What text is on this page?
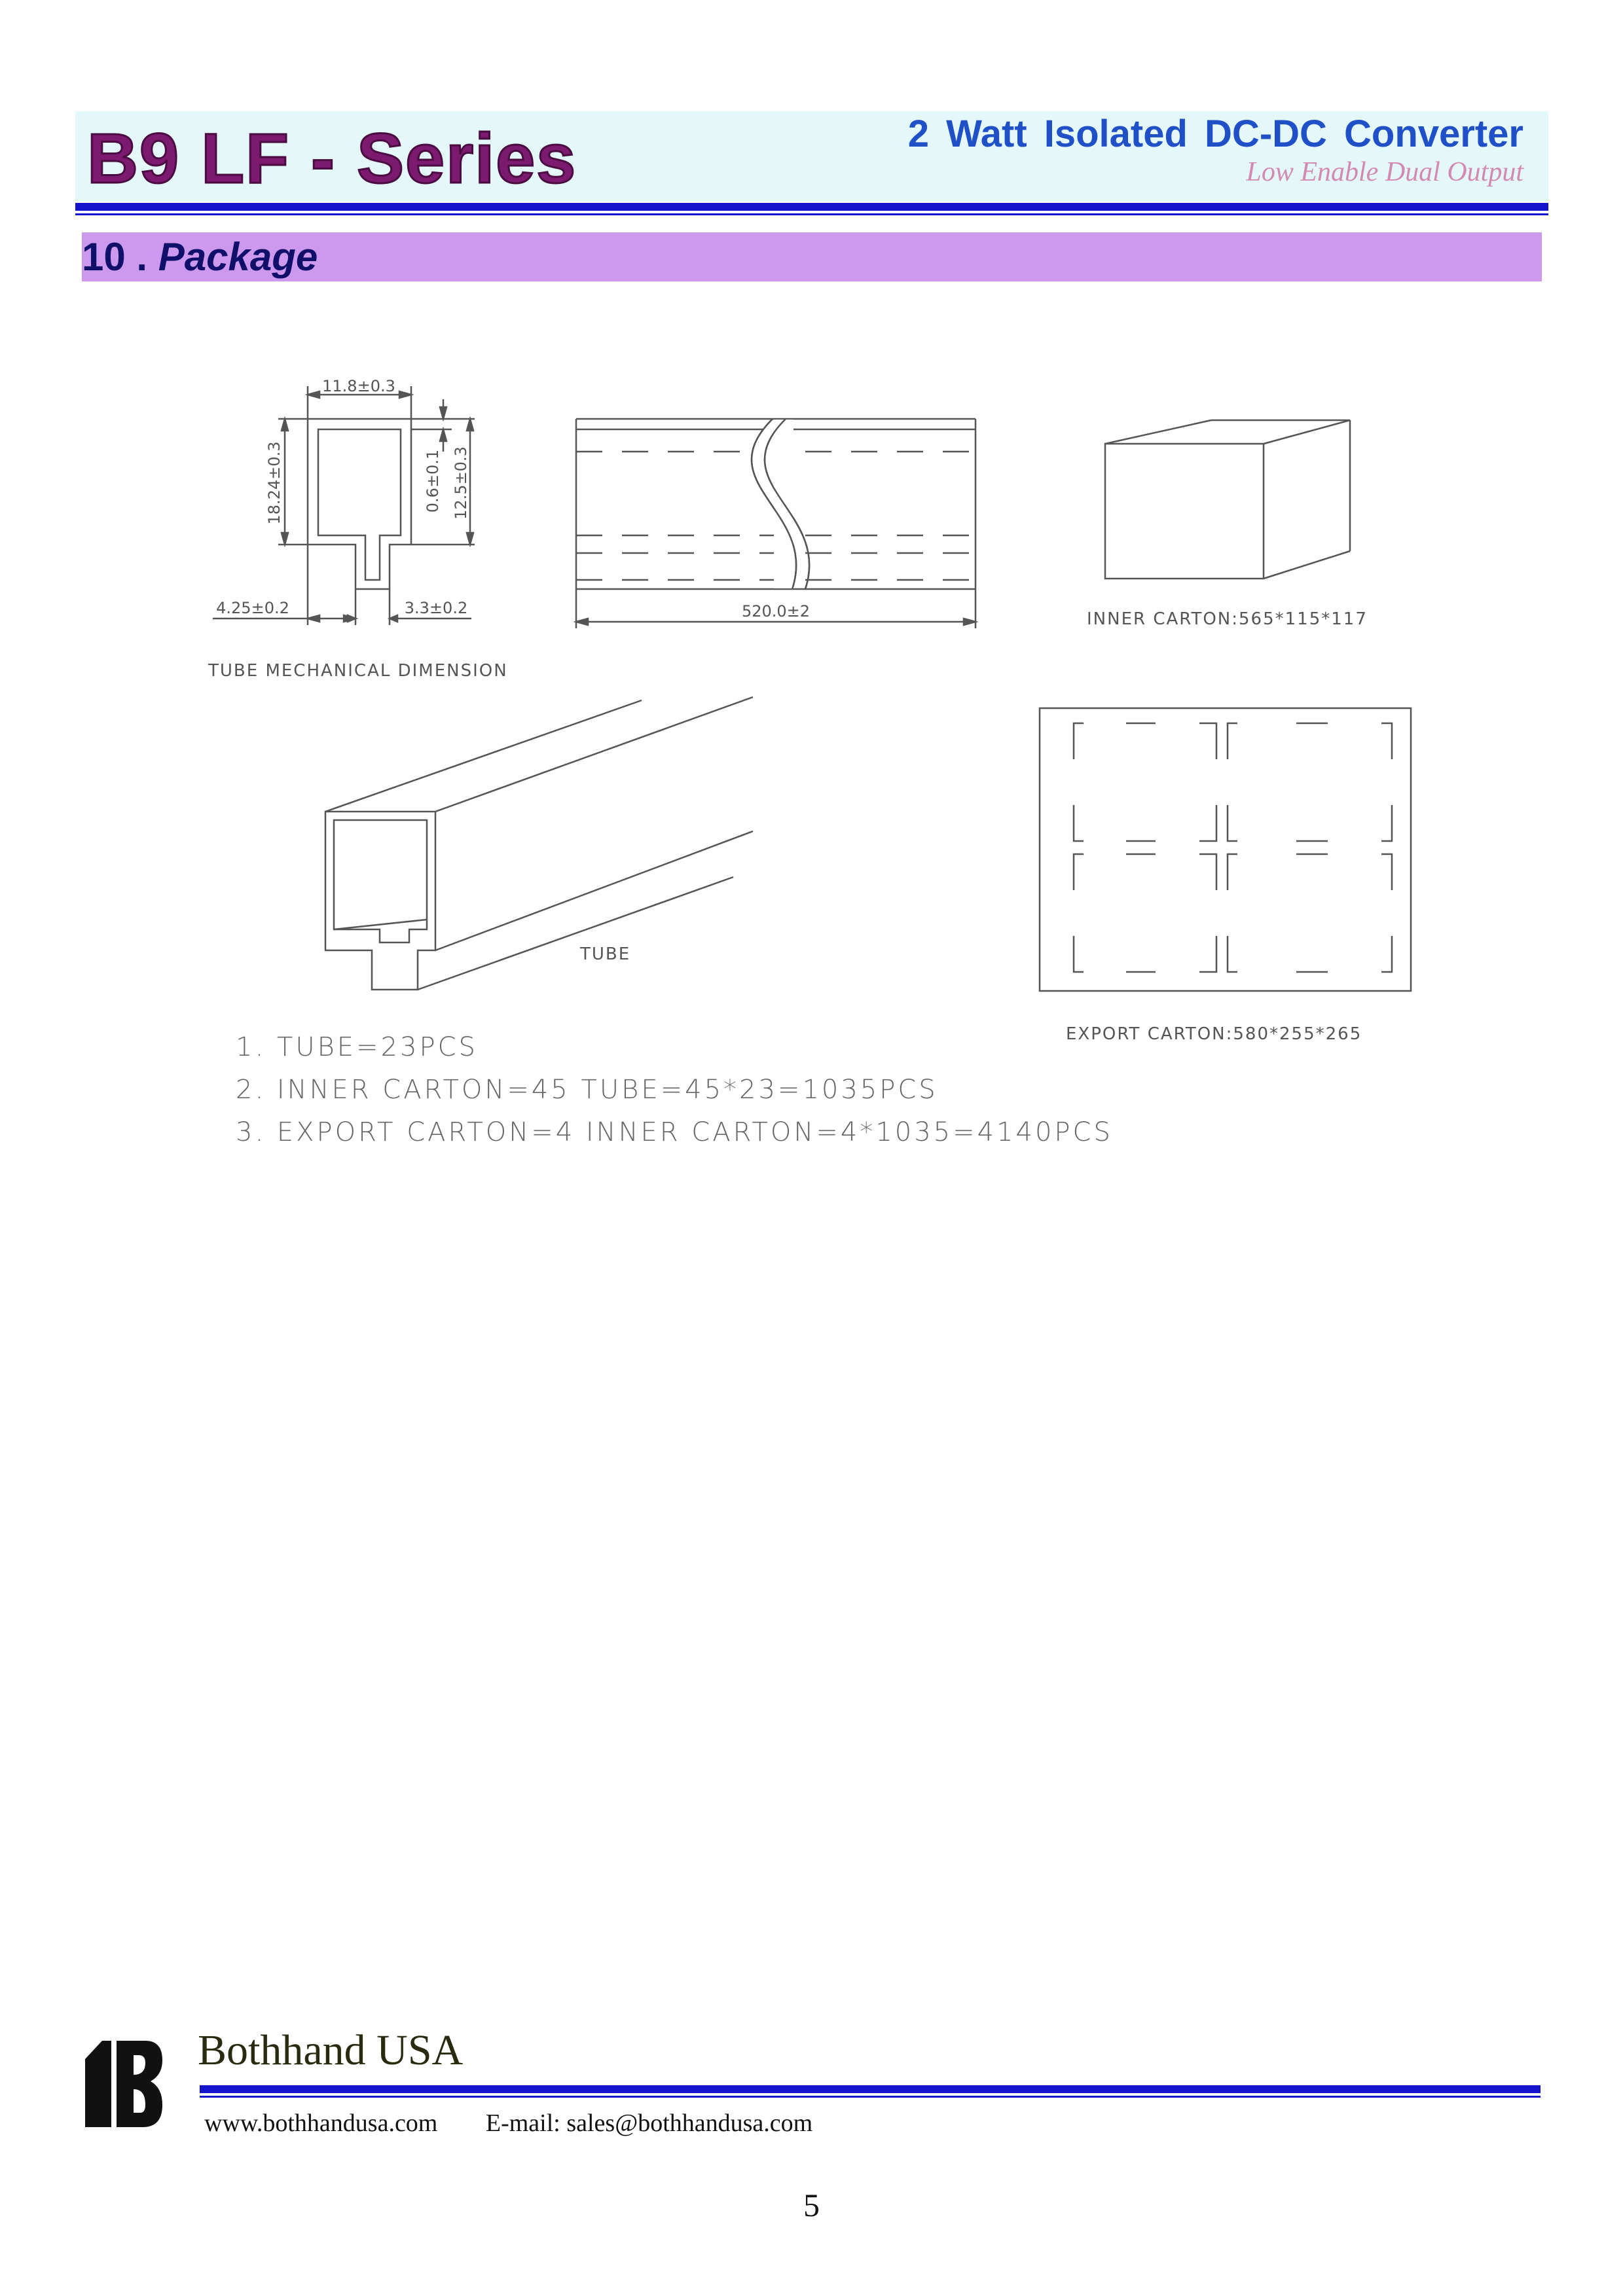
B9 LF - Series	2 Watt Isolated DC-DC Converter
Low Enable Dual Output
10 . Package
11.8±0.3
18.24±0.3	0.6±0.1 12.5±0.3
4.25±0.2	3.3±0.2	520.0±2
TUBE MECHANICAL DIMENSION
INNER CARTON:565*115*117
TUBE
EXPORT CARTON:580*255*265
1. TUBE=23PCS
2. INNER CARTON=45 TUBE=45*23=1035PCS
3. EXPORT CARTON=4 INNER CARTON=4*1035=4140PCS
Bothhand USA
www.bothhandusa.com E-mail: sales@bothhandusa.com
5
